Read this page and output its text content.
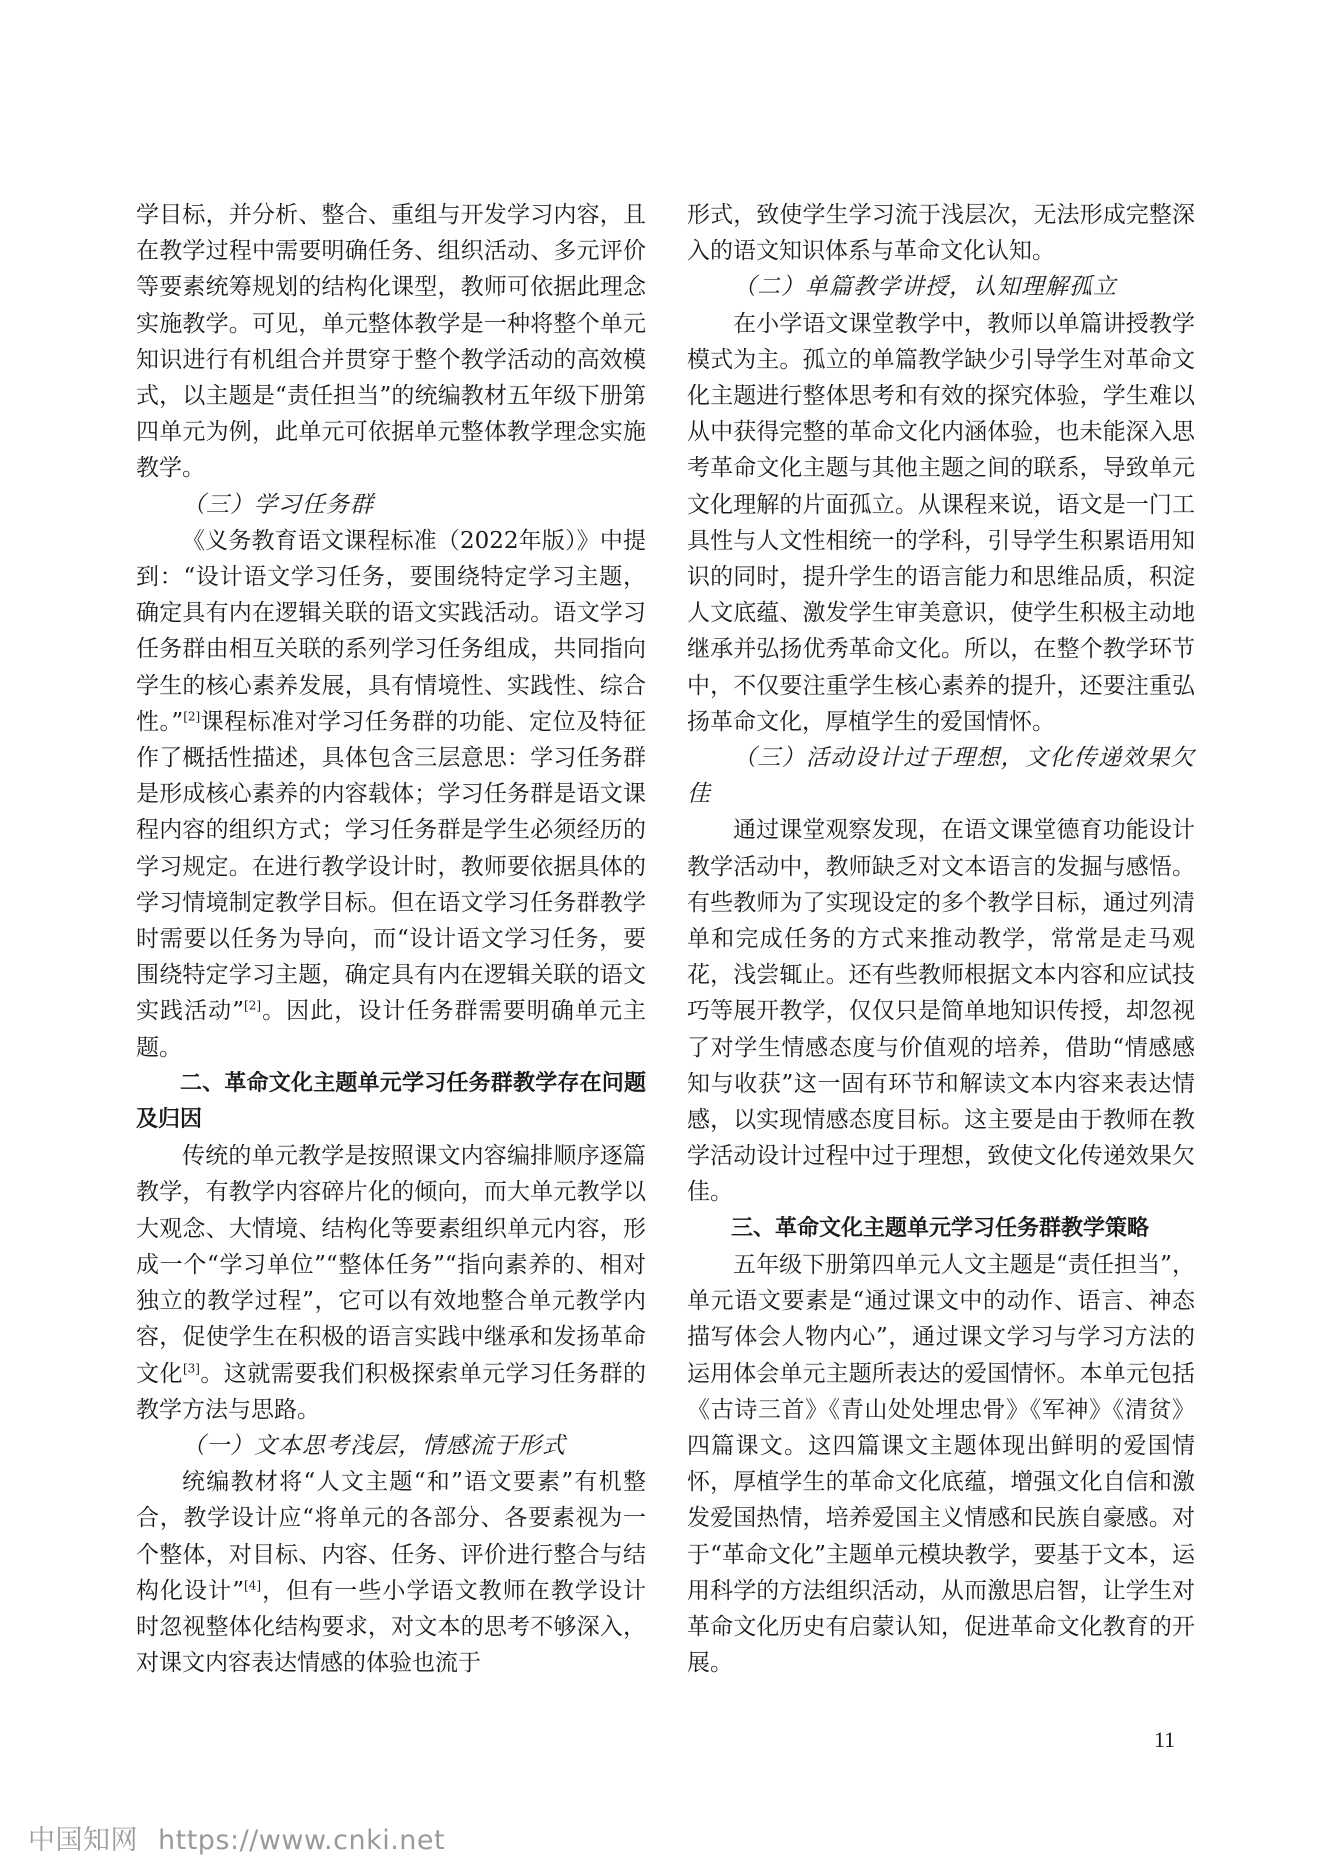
学目标，并分析、整合、重组与开发学习内容，且在教学过程中需要明确任务、组织活动、多元评价等要素统筹规划的结构化课型，教师可依据此理念实施教学。可见，单元整体教学是一种将整个单元知识进行有机组合并贯穿于整个教学活动的高效模式，以主题是“责任担当”的统编教材五年级下册第四单元为例，此单元可依据单元整体教学理念实施教学。

（三）学习任务群

《义务教育语文课程标准（2022年版）》中提到：“设计语文学习任务，要围绕特定学习主题，确定具有内在逻辑关联的语文实践活动。语文学习任务群由相互关联的系列学习任务组成，共同指向学生的核心素养发展，具有情境性、实践性、综合性。”[2]课程标准对学习任务群的功能、定位及特征作了概括性描述，具体包含三层意思：学习任务群是形成核心素养的内容载体；学习任务群是语文课程内容的组织方式；学习任务群是学生必须经历的学习规定。在进行教学设计时，教师要依据具体的学习情境制定教学目标。但在语文学习任务群教学时需要以任务为导向，而“设计语文学习任务，要围绕特定学习主题，确定具有内在逻辑关联的语文实践活动”[2]。因此，设计任务群需要明确单元主题。

二、革命文化主题单元学习任务群教学存在问题及归因

传统的单元教学是按照课文内容编排顺序逐篇教学，有教学内容碎片化的倾向，而大单元教学以大观念、大情境、结构化等要素组织单元内容，形成一个“学习单位”“整体任务”“指向素养的、相对独立的教学过程”，它可以有效地整合单元教学内容，促使学生在积极的语言实践中继承和发扬革命文化[3]。这就需要我们积极探索单元学习任务群的教学方法与思路。

（一）文本思考浅层，情感流于形式

统编教材将“人文主题“和”语文要素”有机整合，教学设计应“将单元的各部分、各要素视为一个整体，对目标、内容、任务、评价进行整合与结构化设计”[4]，但有一些小学语文教师在教学设计时忽视整体化结构要求，对文本的思考不够深入，对课文内容表达情感的体验也流于

形式，致使学生学习流于浅层次，无法形成完整深入的语文知识体系与革命文化认知。

（二）单篇教学讲授，认知理解孤立

在小学语文课堂教学中，教师以单篇讲授教学模式为主。孤立的单篇教学缺少引导学生对革命文化主题进行整体思考和有效的探究体验，学生难以从中获得完整的革命文化内涵体验，也未能深入思考革命文化主题与其他主题之间的联系，导致单元文化理解的片面孤立。从课程来说，语文是一门工具性与人文性相统一的学科，引导学生积累语用知识的同时，提升学生的语言能力和思维品质，积淀人文底蕴、激发学生审美意识，使学生积极主动地继承并弘扬优秀革命文化。所以，在整个教学环节中，不仅要注重学生核心素养的提升，还要注重弘扬革命文化，厚植学生的爱国情怀。

（三）活动设计过于理想，文化传递效果欠佳

通过课堂观察发现，在语文课堂德育功能设计教学活动中，教师缺乏对文本语言的发掘与感悟。有些教师为了实现设定的多个教学目标，通过列清单和完成任务的方式来推动教学，常常是走马观花，浅尝辄止。还有些教师根据文本内容和应试技巧等展开教学，仅仅只是简单地知识传授，却忽视了对学生情感态度与价值观的培养，借助“情感感知与收获”这一固有环节和解读文本内容来表达情感，以实现情感态度目标。这主要是由于教师在教学活动设计过程中过于理想，致使文化传递效果欠佳。

三、革命文化主题单元学习任务群教学策略

五年级下册第四单元人文主题是“责任担当”，单元语文要素是“通过课文中的动作、语言、神态描写体会人物内心”，通过课文学习与学习方法的运用体会单元主题所表达的爱国情怀。本单元包括《古诗三首》《青山处处埋忠骨》《军神》《清贫》四篇课文。这四篇课文主题体现出鲜明的爱国情怀，厚植学生的革命文化底蕴，增强文化自信和激发爱国热情，培养爱国主义情感和民族自豪感。对于“革命文化”主题单元模块教学，要基于文本，运用科学的方法组织活动，从而激思启智，让学生对革命文化历史有启蒙认知，促进革命文化教育的开展。

11
中国知网 https://www.cnki.net
